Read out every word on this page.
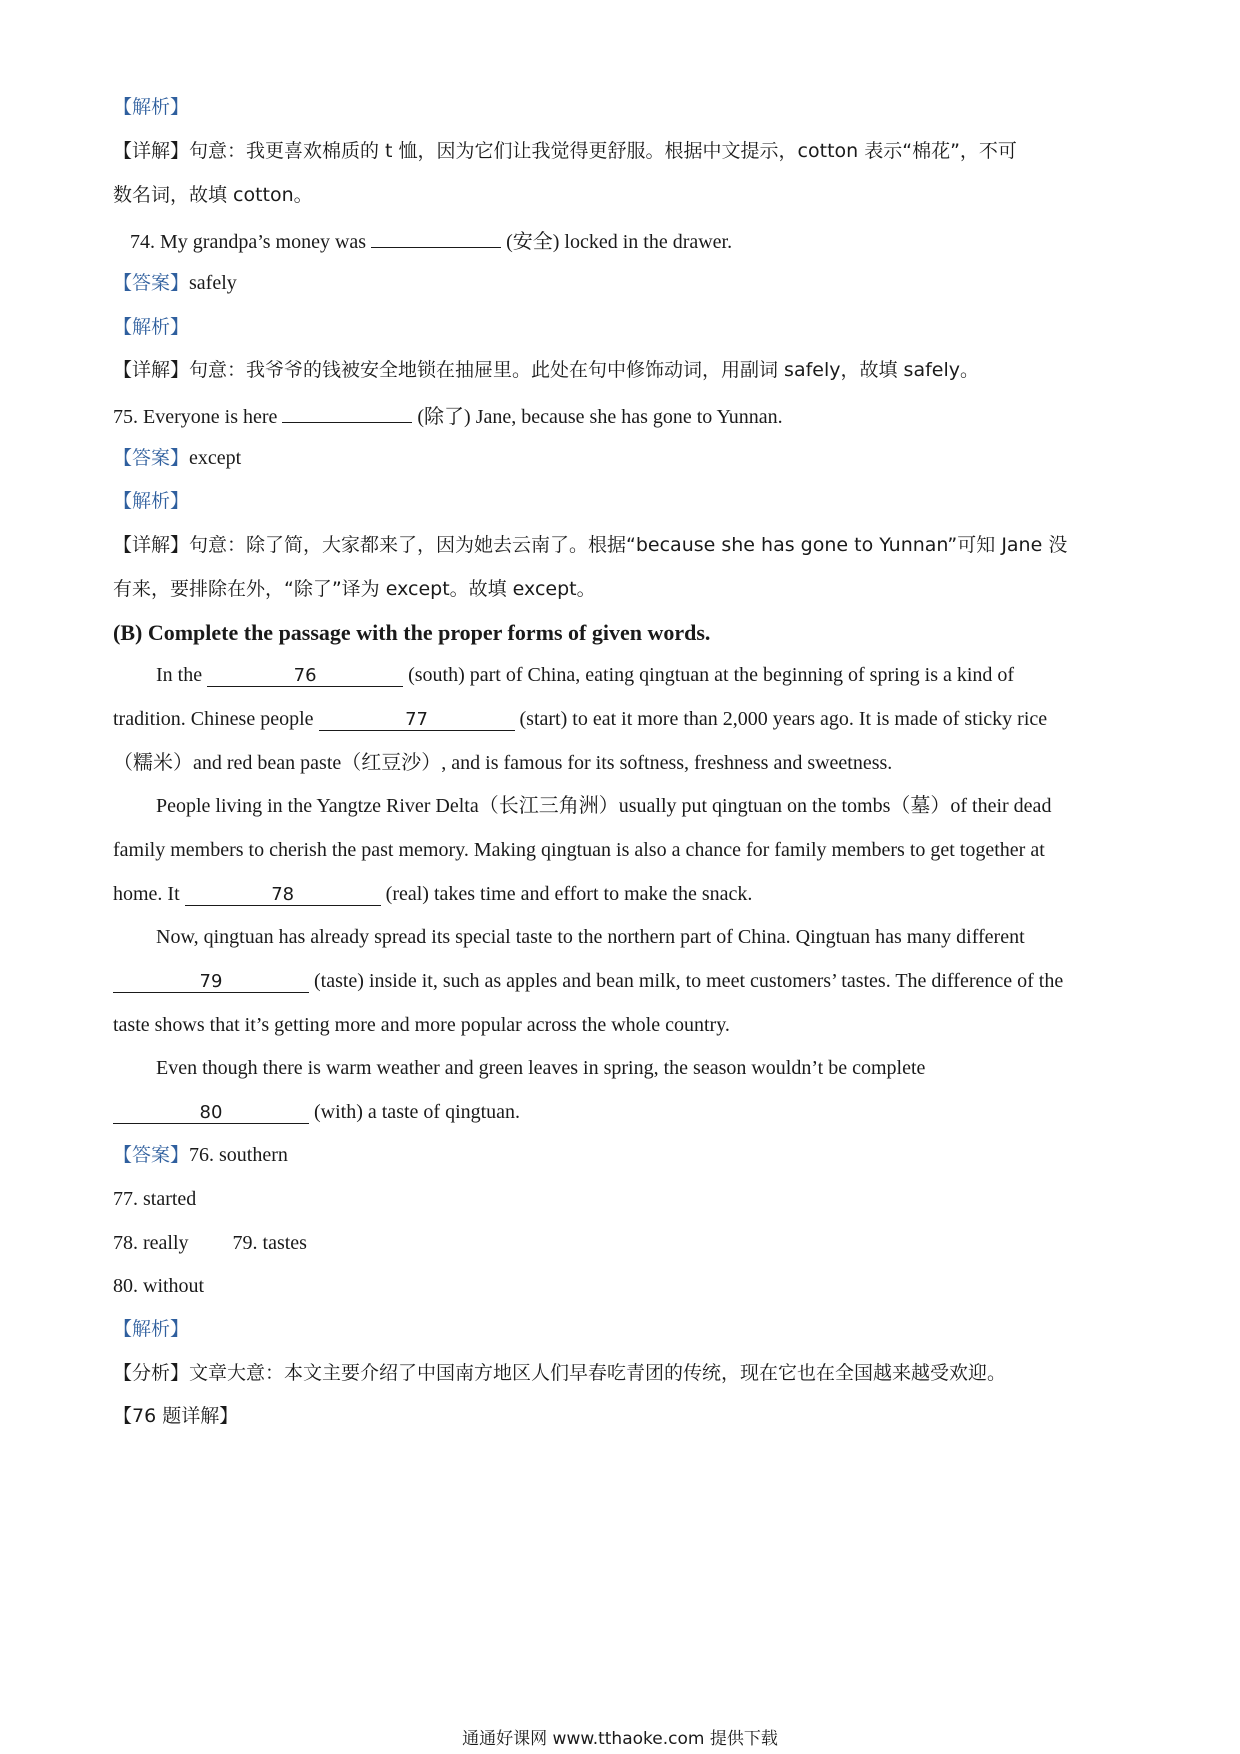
【解析】
【详解】句意：我更喜欢棉质的 t 恤，因为它们让我觉得更舒服。根据中文提示，cotton 表示“棉花”，不可
数名词，故填 cotton。
74. My grandpa’s money was	(安全) locked in the drawer.
【答案】safely
【解析】
【详解】句意：我爷爷的钱被安全地锁在抽屉里。此处在句中修饰动词，用副词 safely，故填 safely。
75. Everyone is here	(除了) Jane, because she has gone to Yunnan.
【答案】except
【解析】
【详解】句意：除了简，大家都来了，因为她去云南了。根据“because she has gone to Yunnan”可知 Jane 没
有来，要排除在外，“除了”译为 except。故填 except。
(B) Complete the passage with the proper forms of given words.
In the	76	(south) part of China, eating qingtuan at the beginning of spring is a kind of
tradition. Chinese people	77	(start) to eat it more than 2,000 years ago. It is made of sticky rice
（糯米）and red bean paste（红豆沙）, and is famous for its softness, freshness and sweetness.
People living in the Yangtze River Delta（长江三角洲）usually put qingtuan on the tombs（墓）of their dead
family members to cherish the past memory. Making qingtuan is also a chance for family members to get together at
home. It	78	(real) takes time and effort to make the snack.
Now, qingtuan has already spread its special taste to the northern part of China. Qingtuan has many different
79	(taste) inside it, such as apples and bean milk, to meet customers’ tastes. The difference of the
taste shows that it’s getting more and more popular across the whole country.
Even though there is warm weather and green leaves in spring, the season wouldn’t be complete
80	(with) a taste of qingtuan.
【答案】76. southern
77. started
78. really 79. tastes
80. without
【解析】
【分析】文章大意：本文主要介绍了中国南方地区人们早春吃青团的传统，现在它也在全国越来越受欢迎。
【76 题详解】
通通好课网 www.tthaoke.com 提供下载
